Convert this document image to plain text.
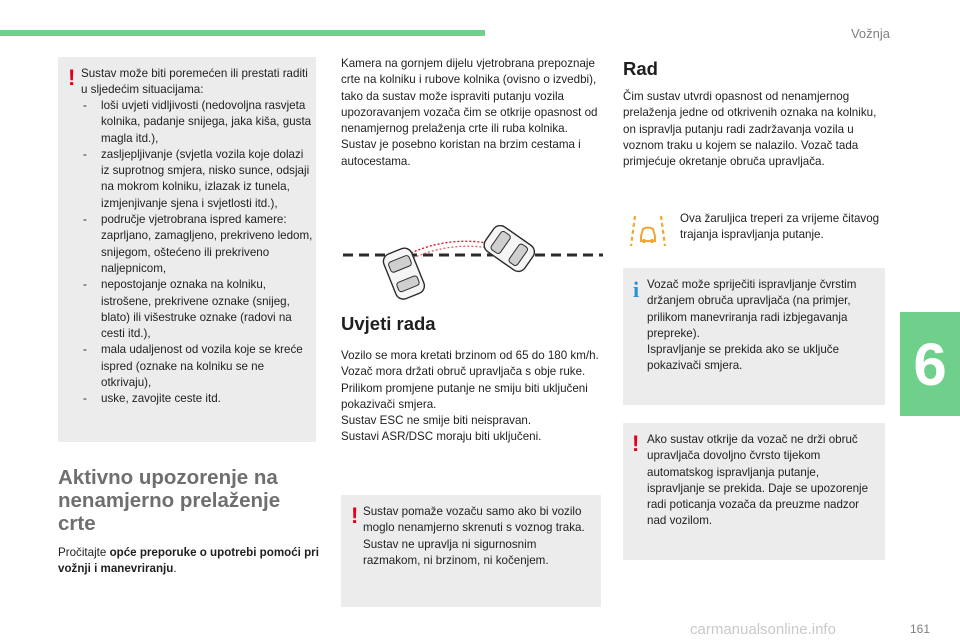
Vožnja
6
! Sustav može biti poremećen ili prestati raditi u sljedećim situacijama:

- loši uvjeti vidljivosti (nedovoljna rasvjeta kolnika, padanje snijega, jaka kiša, gusta magla itd.),
- zasljepljivanje (svjetla vozila koje dolazi iz suprotnog smjera, nisko sunce, odsjaji na mokrom kolniku, izlazak iz tunela, izmjenjivanje sjena i svjetlosti itd.),
- područje vjetrobrana ispred kamere: zaprljano, zamagljeno, prekriveno ledom, snijegom, oštećeno ili prekriveno naljepnicom,
- nepostojanje oznaka na kolniku, istrošene, prekrivene oznake (snijeg, blato) ili višestruke oznake (radovi na cesti itd.),
- mala udaljenost od vozila koje se kreće ispred (oznake na kolniku se ne otkrivaju),
- uske, zavojite ceste itd.
Aktivno upozorenje na nenamjerno prelaženje crte

Pročitajte opće preporuke o upotrebi pomoći pri vožnji i manevriranju.

Kamera na gornjem dijelu vjetrobrana prepoznaje crte na kolniku i rubove kolnika (ovisno o izvedbi), tako da sustav može ispraviti putanju vozila upozoravanjem vozača čim se otkrije opasnost od nenamjernog prelaženja crte ili ruba kolnika.

Sustav je posebno koristan na brzim cestama i autocestama.

Uvjeti rada

Vozilo se mora kretati brzinom od 65 do 180 km/h.

Vozač mora držati obruč upravljača s obje ruke.

Prilikom promjene putanje ne smiju biti uključeni pokazivači smjera.

Sustav ESC ne smije biti neispravan.

Sustavi ASR/DSC moraju biti uključeni.

! Sustav pomaže vozaču samo ako bi vozilo moglo nenamjerno skrenuti s voznog traka. Sustav ne upravlja ni sigurnosnim razmakom, ni brzinom, ni kočenjem.

Rad

Čim sustav utvrdi opasnost od nenamjernog prelaženja jedne od otkrivenih oznaka na kolniku, on ispravlja putanju radi zadržavanja vozila u voznom traku u kojem se nalazilo. Vozač tada primjećuje okretanje obruča upravljača.

Ova žaruljica treperi za vrijeme čitavog trajanja ispravljanja putanje.

i Vozač može spriječiti ispravljanje čvrstim držanjem obruča upravljača (na primjer, prilikom manevriranja radi izbjegavanja prepreke).

Ispravljanje se prekida ako se uključe pokazivači smjera.

! Ako sustav otkrije da vozač ne drži obruč upravljača dovoljno čvrsto tijekom automatskog ispravljanja putanje, ispravljanje se prekida. Daje se upozorenje radi poticanja vozača da preuzme nadzor nad vozilom.

carmanualsonline.info	161
